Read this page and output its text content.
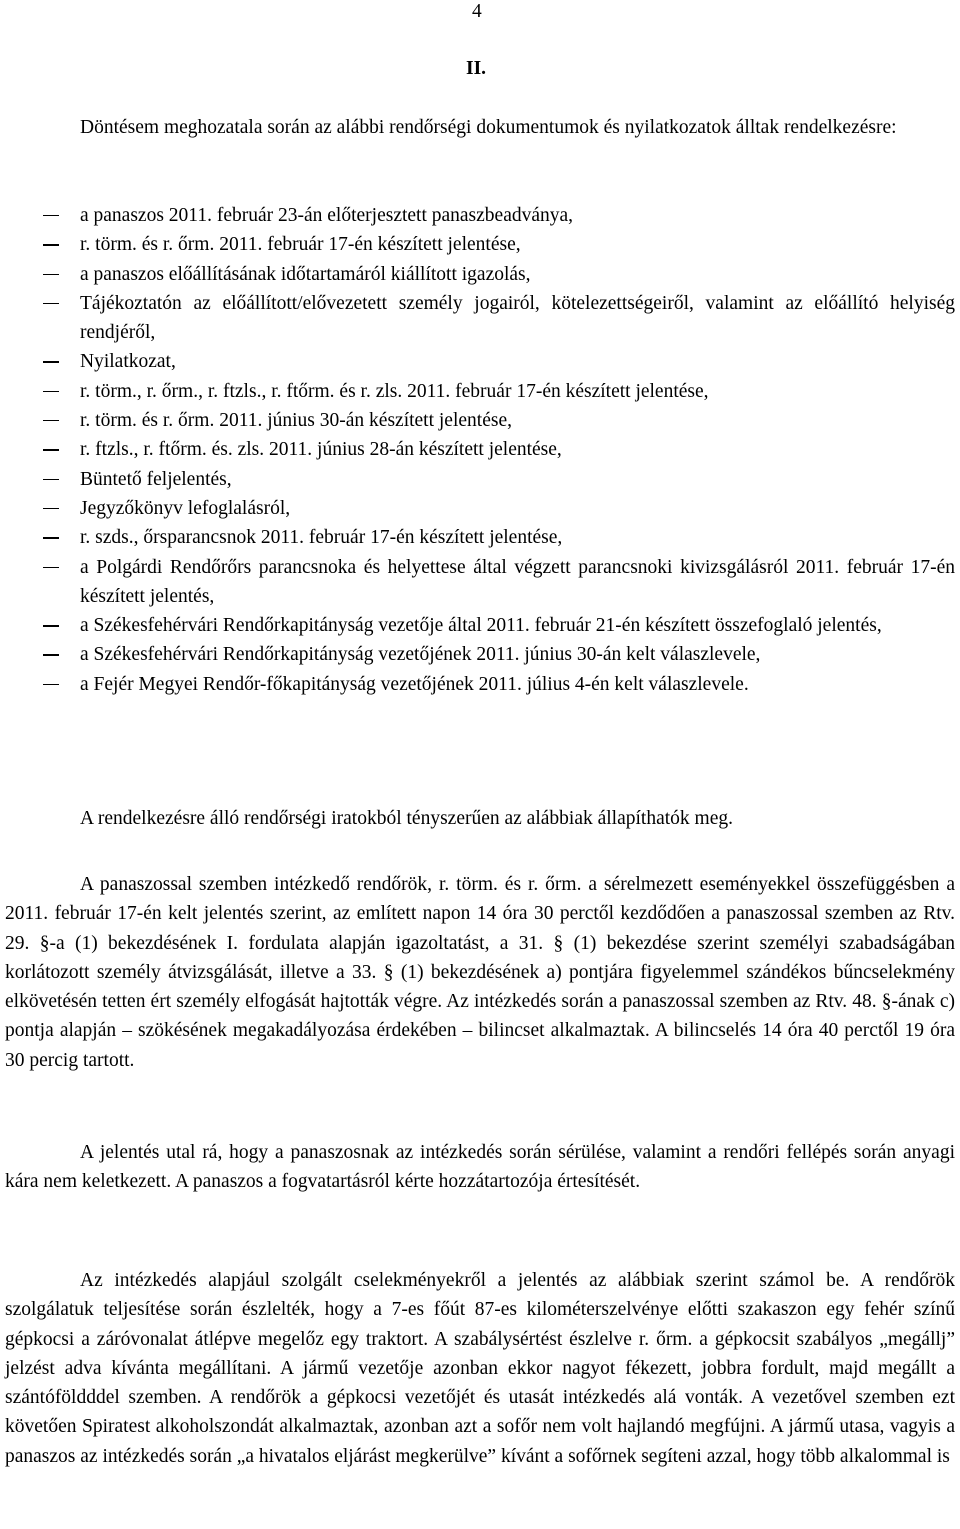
4
II.

Döntésem meghozatala során az alábbi rendőrségi dokumentumok és nyilatkozatok álltak rendelkezésre:

a panaszos 2011. február 23-án előterjesztett panaszbeadványa,
r. törm. és r. őrm. 2011. február 17-én készített jelentése,
a panaszos előállításának időtartamáról kiállított igazolás,
Tájékoztatón az előállított/elővezetett személy jogairól, kötelezettségeiről, valamint az előállító helyiség rendjéről,
Nyilatkozat,
r. törm., r. őrm., r. ftzls., r. ftőrm. és r. zls. 2011. február 17-én készített jelentése,
r. törm. és r. őrm. 2011. június 30-án készített jelentése,
r. ftzls., r. ftőrm. és. zls. 2011. június 28-án készített jelentése,
Büntető feljelentés,
Jegyzőkönyv lefoglalásról,
r. szds., őrsparancsnok 2011. február 17-én készített jelentése,
a Polgárdi Rendőrőrs parancsnoka és helyettese által végzett parancsnoki kivizsgálásról 2011. február 17-én készített jelentés,
a Székesfehérvári Rendőrkapitányság vezetője által 2011. február 21-én készített összefoglaló jelentés,
a Székesfehérvári Rendőrkapitányság vezetőjének 2011. június 30-án kelt válaszlevele,
a Fejér Megyei Rendőr-főkapitányság vezetőjének 2011. július 4-én kelt válaszlevele.

A rendelkezésre álló rendőrségi iratokból tényszerűen az alábbiak állapíthatók meg.

A panaszossal szemben intézkedő rendőrök, r. törm. és r. őrm. a sérelmezett eseményekkel összefüggésben a 2011. február 17-én kelt jelentés szerint, az említett napon 14 óra 30 perctől kezdődően a panaszossal szemben az Rtv. 29. §-a (1) bekezdésének I. fordulata alapján igazoltatást, a 31. § (1) bekezdése szerint személyi szabadságában korlátozott személy átvizsgálását, illetve a 33. § (1) bekezdésének a) pontjára figyelemmel szándékos bűncselekmény elkövetésén tetten ért személy elfogását hajtották végre. Az intézkedés során a panaszossal szemben az Rtv. 48. §-ának c) pontja alapján – szökésének megakadályozása érdekében – bilincset alkalmaztak. A bilincselés 14 óra 40 perctől 19 óra 30 percig tartott.

A jelentés utal rá, hogy a panaszosnak az intézkedés során sérülése, valamint a rendőri fellépés során anyagi kára nem keletkezett. A panaszos a fogvatartásról kérte hozzátartozója értesítését.

Az intézkedés alapjául szolgált cselekményekről a jelentés az alábbiak szerint számol be. A rendőrök szolgálatuk teljesítése során észlelték, hogy a 7-es főút 87-es kilométerszelvénye előtti szakaszon egy fehér színű gépkocsi a záróvonalat átlépve megelőz egy traktort. A szabálysértést észlelve r. őrm. a gépkocsit szabályos „megállj” jelzést adva kívánta megállítani. A jármű vezetője azonban ekkor nagyot fékezett, jobbra fordult, majd megállt a szántóföldddel szemben. A rendőrök a gépkocsi vezetőjét és utasát intézkedés alá vonták. A vezetővel szemben ezt követően Spiratest alkoholszondát alkalmaztak, azonban azt a sofőr nem volt hajlandó megfújni. A jármű utasa, vagyis a panaszos az intézkedés során „a hivatalos eljárást megkerülve” kívánt a sofőrnek segíteni azzal, hogy több alkalommal is
